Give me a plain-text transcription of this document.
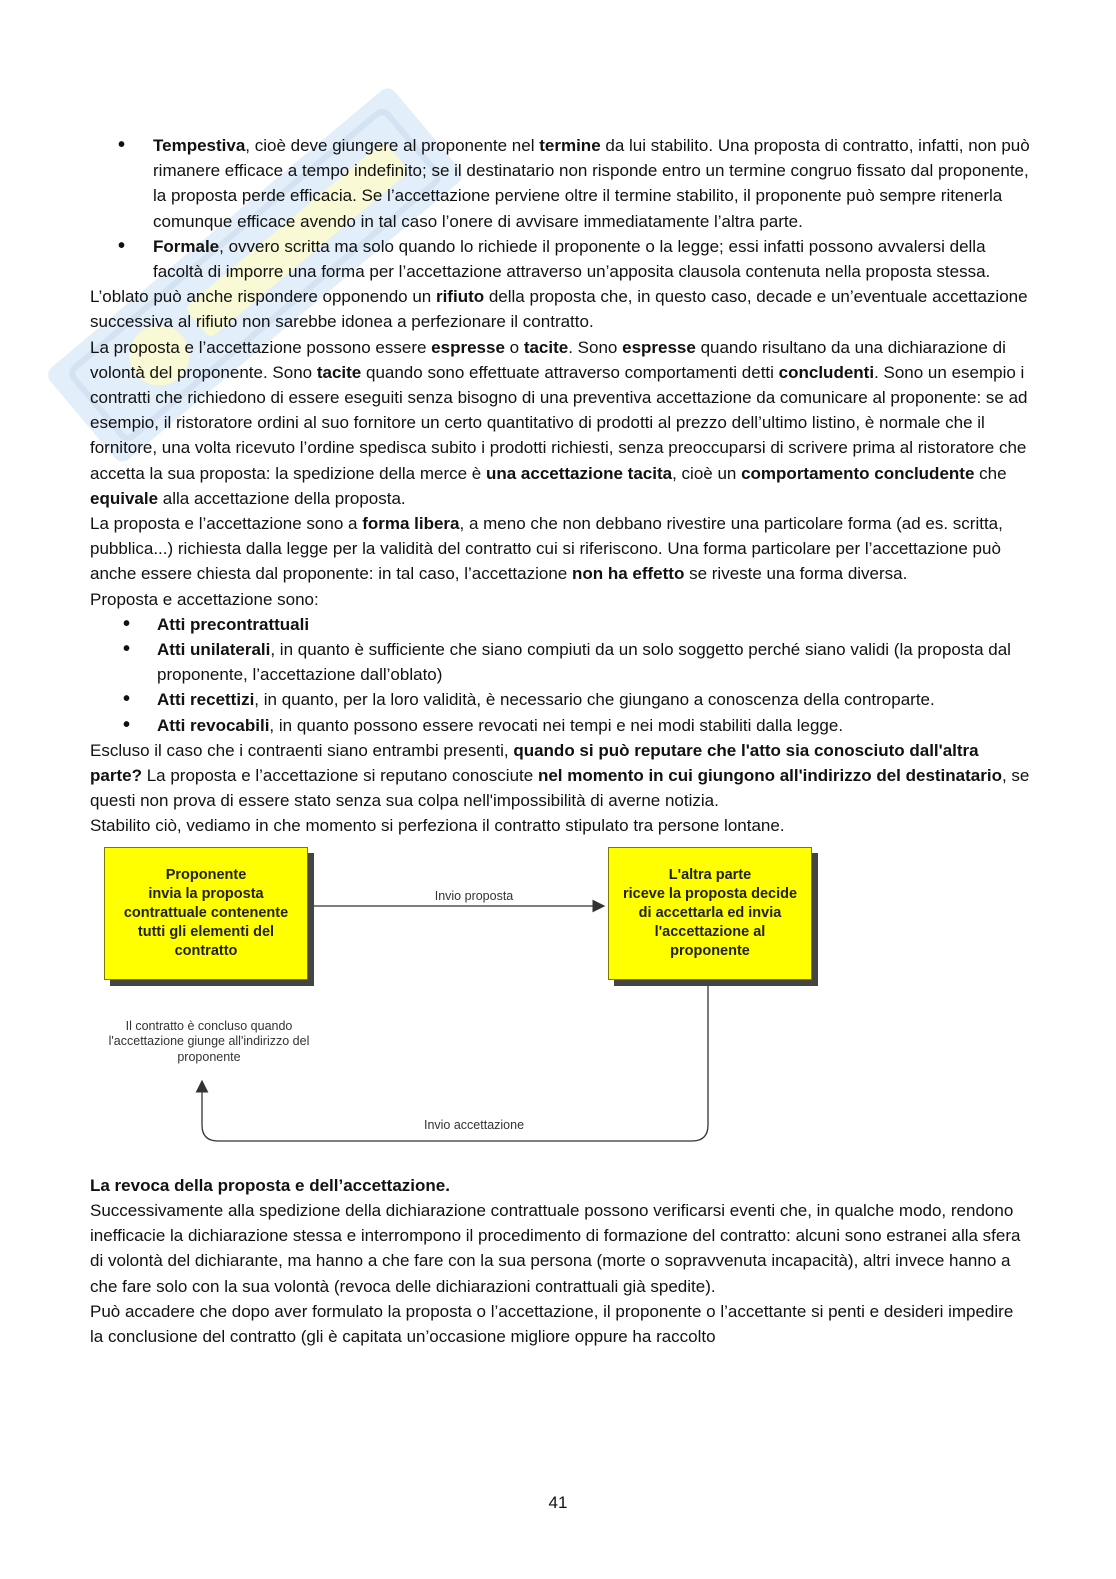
• Tempestiva, cioè deve giungere al proponente nel termine da lui stabilito. Una proposta di contratto, infatti, non può rimanere efficace a tempo indefinito; se il destinatario non risponde entro un termine congruo fissato dal proponente, la proposta perde efficacia. Se l’accettazione perviene oltre il termine stabilito, il proponente può sempre ritenerla comunque efficace avendo in tal caso l’onere di avvisare immediatamente l’altra parte.
• Formale, ovvero scritta ma solo quando lo richiede il proponente o la legge; essi infatti possono avvalersi della facoltà di imporre una forma per l’accettazione attraverso un’apposita clausola contenuta nella proposta stessa.

L’oblato può anche rispondere opponendo un rifiuto della proposta che, in questo caso, decade e un’eventuale accettazione successiva al rifiuto non sarebbe idonea a perfezionare il contratto.

La proposta e l’accettazione possono essere espresse o tacite. Sono espresse quando risultano da una dichiarazione di volontà del proponente. Sono tacite quando sono effettuate attraverso comportamenti detti concludenti. Sono un esempio i contratti che richiedono di essere eseguiti senza bisogno di una preventiva accettazione da comunicare al proponente: se ad esempio, il ristoratore ordini al suo fornitore un certo quantitativo di prodotti al prezzo dell’ultimo listino, è normale che il fornitore, una volta ricevuto l’ordine spedisca subito i prodotti richiesti, senza preoccuparsi di scrivere prima al ristoratore che accetta la sua proposta: la spedizione della merce è una accettazione tacita, cioè un comportamento concludente che equivale alla accettazione della proposta.

La proposta e l’accettazione sono a forma libera, a meno che non debbano rivestire una particolare forma (ad es. scritta, pubblica...) richiesta dalla legge per la validità del contratto cui si riferiscono. Una forma particolare per l’accettazione può anche essere chiesta dal proponente: in tal caso, l’accettazione non ha effetto se riveste una forma diversa.

Proposta e accettazione sono:

• Atti precontrattuali
• Atti unilaterali, in quanto è sufficiente che siano compiuti da un solo soggetto perché siano validi (la proposta dal proponente, l’accettazione dall’oblato)
• Atti recettizi, in quanto, per la loro validità, è necessario che giungano a conoscenza della controparte.
• Atti revocabili, in quanto possono essere revocati nei tempi e nei modi stabiliti dalla legge.

Escluso il caso che i contraenti siano entrambi presenti, quando si può reputare che l'atto sia conosciuto dall'altra parte? La proposta e l’accettazione si reputano conosciute nel momento in cui giungono all'indirizzo del destinatario, se questi non prova di essere stato senza sua colpa nell'impossibilità di averne notizia.

Stabilito ciò, vediamo in che momento si perfeziona il contratto stipulato tra persone lontane.

Proponente
invia la proposta
contrattuale contenente
tutti gli elementi del
contratto
L'altra parte
riceve la proposta decide
di accettarla ed invia
l'accettazione al
proponente
Invio proposta
Invio accettazione
Il contratto è concluso quando
l'accettazione giunge all'indirizzo del
proponente

La revoca della proposta e dell’accettazione.

Successivamente alla spedizione della dichiarazione contrattuale possono verificarsi eventi che, in qualche modo, rendono inefficacie la dichiarazione stessa e interrompono il procedimento di formazione del contratto: alcuni sono estranei alla sfera di volontà del dichiarante, ma hanno a che fare con la sua persona (morte o sopravvenuta incapacità), altri invece hanno a che fare solo con la sua volontà (revoca delle dichiarazioni contrattuali già spedite).

Può accadere che dopo aver formulato la proposta o l’accettazione, il proponente o l’accettante si penti e desideri impedire la conclusione del contratto (gli è capitata un’occasione migliore oppure ha raccolto

41
